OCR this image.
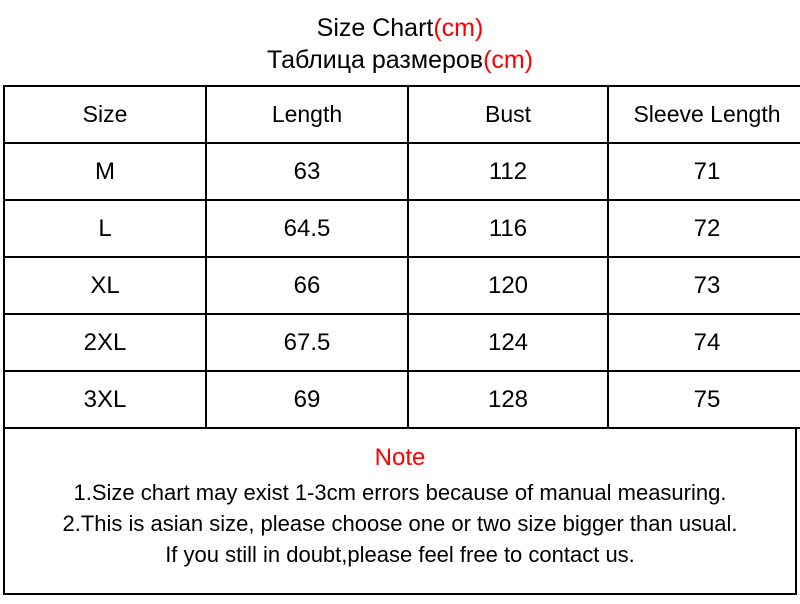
Size Chart(cm)
Таблица размеров(cm)
Size	Length	Bust	Sleeve Length
M	63	112	71
L	64.5	116	72
XL	66	120	73
2XL	67.5	124	74
3XL	69	128	75
Note
1.Size chart may exist 1-3cm errors because of manual measuring.
2.This is asian size, please choose one or two size bigger than usual.
If you still in doubt,please feel free to contact us.
